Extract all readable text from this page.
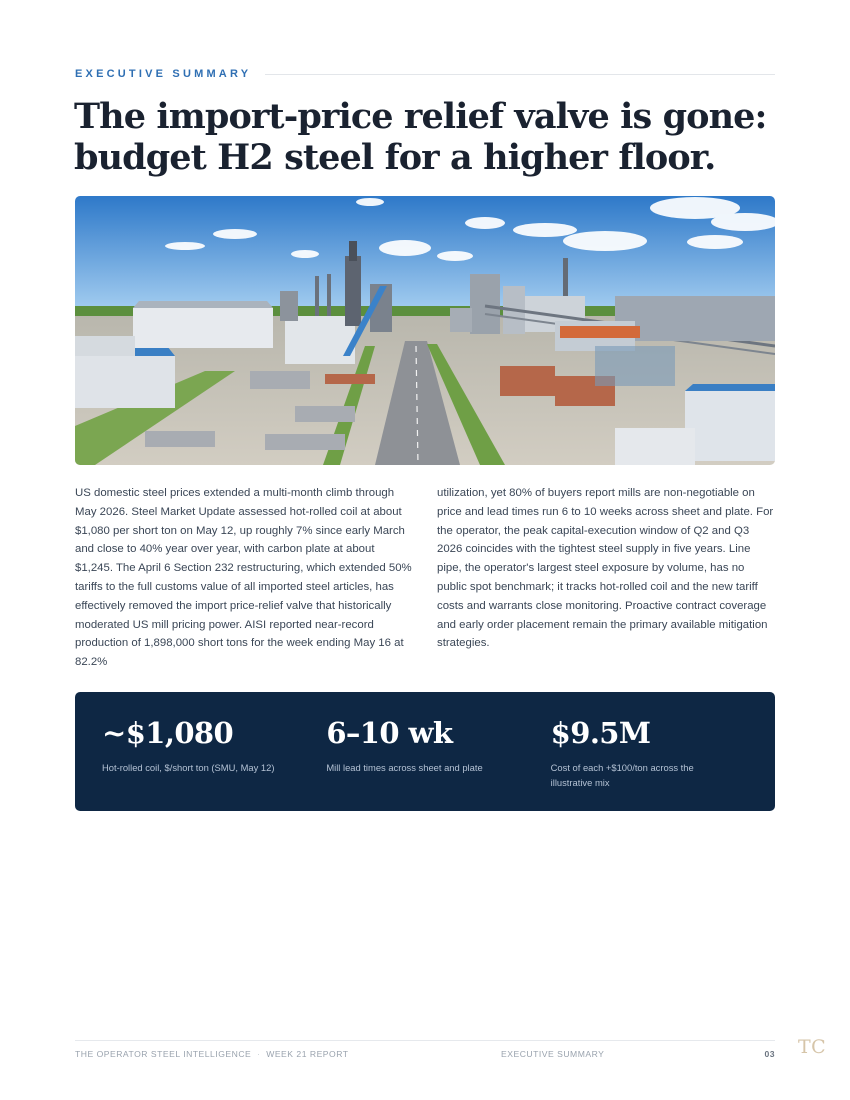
EXECUTIVE SUMMARY
The import-price relief valve is gone:
budget H2 steel for a higher floor.

US domestic steel prices extended a multi-month climb through May 2026. Steel Market Update assessed hot-rolled coil at about $1,080 per short ton on May 12, up roughly 7% since early March and close to 40% year over year, with carbon plate at about $1,245. The April 6 Section 232 restructuring, which extended 50% tariffs to the full customs value of all imported steel articles, has effectively removed the import price-relief valve that historically moderated US mill pricing power. AISI reported near-record production of 1,898,000 short tons for the week ending May 16 at 82.2%

utilization, yet 80% of buyers report mills are non-negotiable on price and lead times run 6 to 10 weeks across sheet and plate. For the operator, the peak capital-execution window of Q2 and Q3 2026 coincides with the tightest steel supply in five years. Line pipe, the operator's largest steel exposure by volume, has no public spot benchmark; it tracks hot-rolled coil and the new tariff costs and warrants close monitoring. Proactive contract coverage and early order placement remain the primary available mitigation strategies.

~$1,080
Hot-rolled coil, $/short ton (SMU, May 12)
6–10 wk
Mill lead times across sheet and plate
$9.5M
Cost of each +$100/ton across the illustrative mix
THE OPERATOR STEEL INTELLIGENCE · WEEK 21 REPORT	EXECUTIVE SUMMARY	03 TC
